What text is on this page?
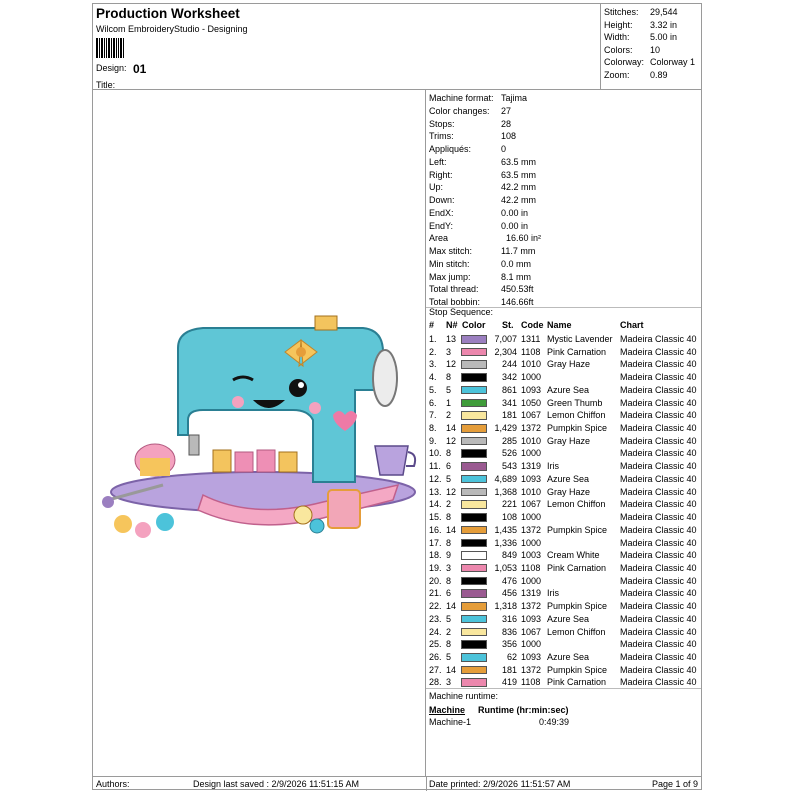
Production Worksheet
Wilcom EmbroideryStudio - Designing
Design: 01
Title:
Stitches: 29,544
Height: 3.32 in
Width: 5.00 in
Colors: 10
Colorway: Colorway 1
Zoom: 0.89
Machine format: Tajima
Color changes: 27
Stops:	28
Trims:	108
Appliqués:	0
Left:	63.5 mm
Right:	63.5 mm
Up:	42.2 mm
Down:	42.2 mm
EndX:	0.00 in
EndY:	0.00 in
Area	16.60 in²
Max stitch:	11.7 mm
Min stitch:	0.0 mm
Max jump:	8.1 mm
Total thread: 450.53ft
Total bobbin: 146.66ft
Stop Sequence:
# N# Color St. Code Name	Chart
1. 13	7,007 1311 Mystic Lavender Madeira Classic 40
2. 3	2,304 1108 Pink Carnation Madeira Classic 40
3. 12	244 1010 Gray Haze	Madeira Classic 40
4. 8	342 1000	Madeira Classic 40
5. 5	861 1093 Azure Sea	Madeira Classic 40
6. 1	341 1050 Green Thumb Madeira Classic 40
7. 2	181 1067 Lemon Chiffon Madeira Classic 40
8. 14	1,429 1372 Pumpkin Spice Madeira Classic 40
9. 12	285 1010 Gray Haze	Madeira Classic 40
10. 8	526 1000	Madeira Classic 40
11. 6	543 1319 Iris	Madeira Classic 40
12. 5	4,689 1093 Azure Sea	Madeira Classic 40
13. 12	1,368 1010 Gray Haze	Madeira Classic 40
14. 2	221 1067 Lemon Chiffon Madeira Classic 40
15. 8	108 1000	Madeira Classic 40
16. 14	1,435 1372 Pumpkin Spice Madeira Classic 40
17. 8	1,336 1000	Madeira Classic 40
18. 9	849 1003 Cream White Madeira Classic 40
19. 3	1,053 1108 Pink Carnation Madeira Classic 40
20. 8	476 1000	Madeira Classic 40
21. 6	456 1319 Iris	Madeira Classic 40
22. 14	1,318 1372 Pumpkin Spice Madeira Classic 40
23. 5	316 1093 Azure Sea	Madeira Classic 40
24. 2	836 1067 Lemon Chiffon Madeira Classic 40
25. 8	356 1000	Madeira Classic 40
26. 5	62 1093 Azure Sea	Madeira Classic 40
27. 14	181 1372 Pumpkin Spice Madeira Classic 40
28. 3	419 1108 Pink Carnation Madeira Classic 40
Machine runtime:
Machine Runtime (hr:min:sec)
Machine-1	0:49:39
Authors:	Design last saved : 2/9/2026 11:51:15 AM	Date printed: 2/9/2026 11:51:57 AM	Page 1 of 9
